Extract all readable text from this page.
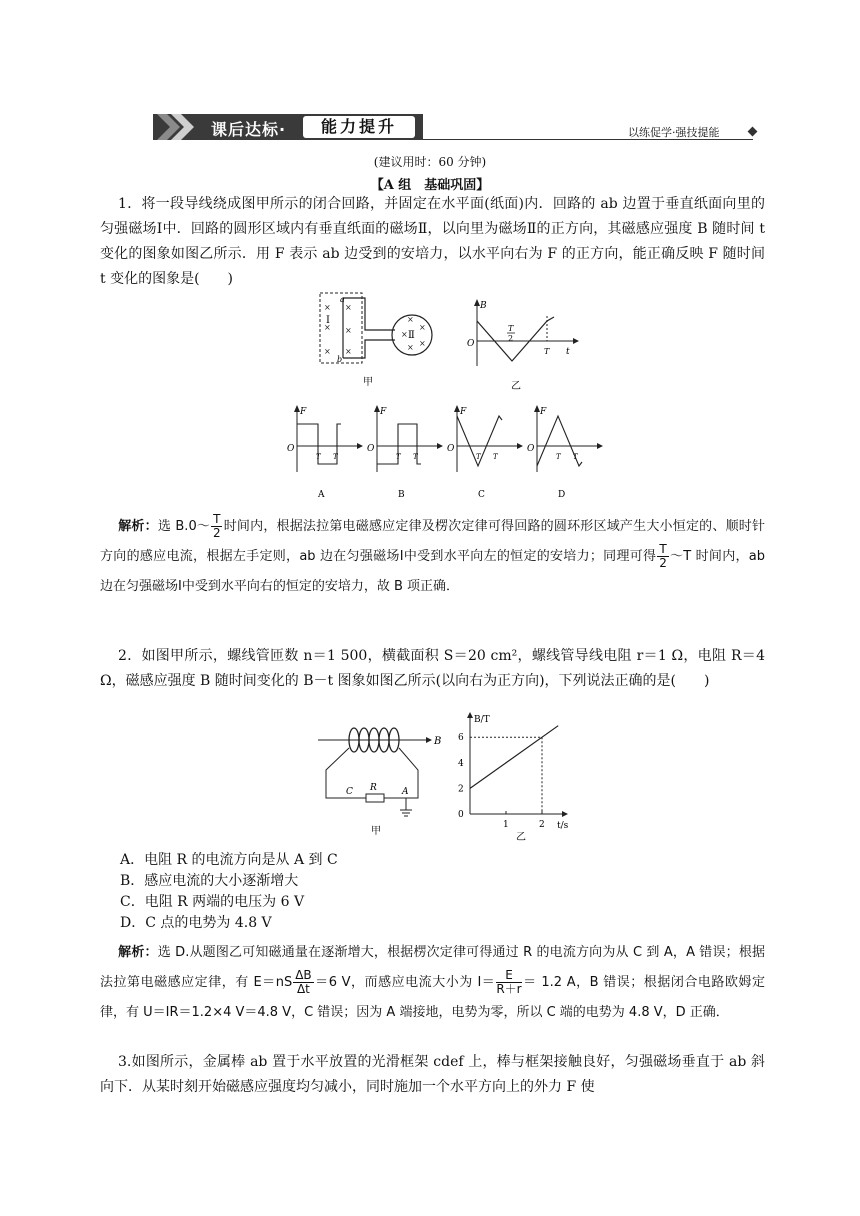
课后达标·	能力提升	以练促学·强技提能
(建议用时：60 分钟)
【A 组　基础巩固】
1．将一段导线绕成图甲所示的闭合回路，并固定在水平面(纸面)内．回路的 ab 边置于垂直纸面向里的匀强磁场Ⅰ中．回路的圆形区域内有垂直纸面的磁场Ⅱ，以向里为磁场Ⅱ的正方向，其磁感应强度 B 随时间 t 变化的图象如图乙所示．用 F 表示 ab 边受到的安培力，以水平向右为 F 的正方向，能正确反映 F 随时间 t 变化的图象是(　　)
×
×
×
×
×
×
×
×
×
×
×
a
b
Ⅰ
Ⅱ
甲
B
O
t
T
2
T
乙
F
O
T T
A
F
O
T T
B
F
O
T T
C
F
O
T T
D
解析：选 B.0～ $\frac{T}{2}$ 时间内，根据法拉第电磁感应定律及楞次定律可得回路的圆环形区域产生大小恒定的、顺时针方向的感应电流，根据左手定则，ab 边在匀强磁场Ⅰ中受到水平向左的恒定的安培力；同理可得 $\frac{T}{2}$ ～T 时间内，ab 边在匀强磁场Ⅰ中受到水平向右的恒定的安培力，故 B 项正确．
2．如图甲所示，螺线管匝数 n＝1 500，横截面积 S＝20 cm²，螺线管导线电阻 r＝1 Ω，电阻 R＝4 Ω，磁感应强度 B 随时间变化的 B－t 图象如图乙所示(以向右为正方向)，下列说法正确的是(　　)
B
R
C	A
甲
B/T
t/s
0
2
4
6
1	2
乙
A．电阻 R 的电流方向是从 A 到 C
B．感应电流的大小逐渐增大
C．电阻 R 两端的电压为 6 V
D．C 点的电势为 4.8 V
解析：选 D.从题图乙可知磁通量在逐渐增大，根据楞次定律可得通过 R 的电流方向为从 C 到 A，A 错误；根据法拉第电磁感应定律，有 $E=nS \frac{\Delta B}{\Delta t} =6$ V，而感应电流大小为 $I= \frac{E}{R+r} = 1.2$ A，B 错误；根据闭合电路欧姆定律，有 U＝IR＝1.2×4 V＝4.8 V，C 错误；因为 A 端接地，电势为零，所以 C 端的电势为 4.8 V，D 正确．
3.如图所示，金属棒 ab 置于水平放置的光滑框架 cdef 上，棒与框架接触良好，匀强磁场垂直于 ab 斜向下．从某时刻开始磁感应强度均匀减小，同时施加一个水平方向上的外力 F 使
